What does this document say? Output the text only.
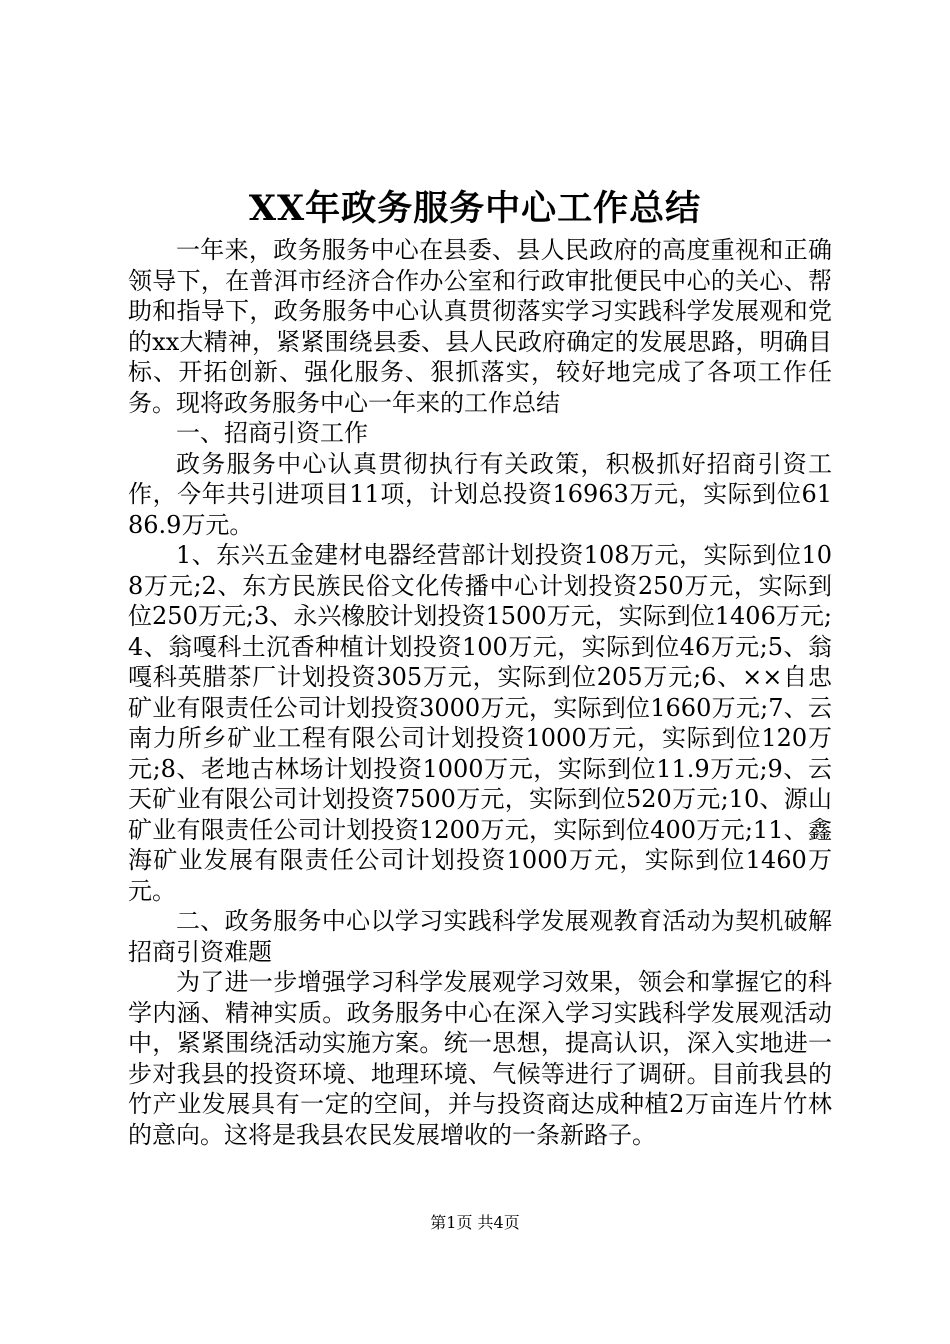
XX年政务服务中心工作总结

一年来，政务服务中心在县委、县人民政府的高度重视和正确领导下，在普洱市经济合作办公室和行政审批便民中心的关心、帮助和指导下，政务服务中心认真贯彻落实学习实践科学发展观和党的xx大精神，紧紧围绕县委、县人民政府确定的发展思路，明确目标、开拓创新、强化服务、狠抓落实，较好地完成了各项工作任务。现将政务服务中心一年来的工作总结

一、招商引资工作

政务服务中心认真贯彻执行有关政策，积极抓好招商引资工作，今年共引进项目11项，计划总投资16963万元，实际到位6186.9万元。

1、东兴五金建材电器经营部计划投资108万元，实际到位108万元;2、东方民族民俗文化传播中心计划投资250万元，实际到位250万元;3、永兴橡胶计划投资1500万元，实际到位1406万元;4、翁嘎科土沉香种植计划投资100万元，实际到位46万元;5、翁嘎科英腊茶厂计划投资305万元，实际到位205万元;6、××自忠矿业有限责任公司计划投资3000万元，实际到位1660万元;7、云南力所乡矿业工程有限公司计划投资1000万元，实际到位120万元;8、老地古林场计划投资1000万元，实际到位11.9万元;9、云天矿业有限公司计划投资7500万元，实际到位520万元;10、源山矿业有限责任公司计划投资1200万元，实际到位400万元;11、鑫海矿业发展有限责任公司计划投资1000万元，实际到位1460万元。

二、政务服务中心以学习实践科学发展观教育活动为契机破解招商引资难题

为了进一步增强学习科学发展观学习效果，领会和掌握它的科学内涵、精神实质。政务服务中心在深入学习实践科学发展观活动中，紧紧围绕活动实施方案。统一思想，提高认识，深入实地进一步对我县的投资环境、地理环境、气候等进行了调研。目前我县的竹产业发展具有一定的空间，并与投资商达成种植2万亩连片竹林的意向。这将是我县农民发展增收的一条新路子。

第1页 共4页
